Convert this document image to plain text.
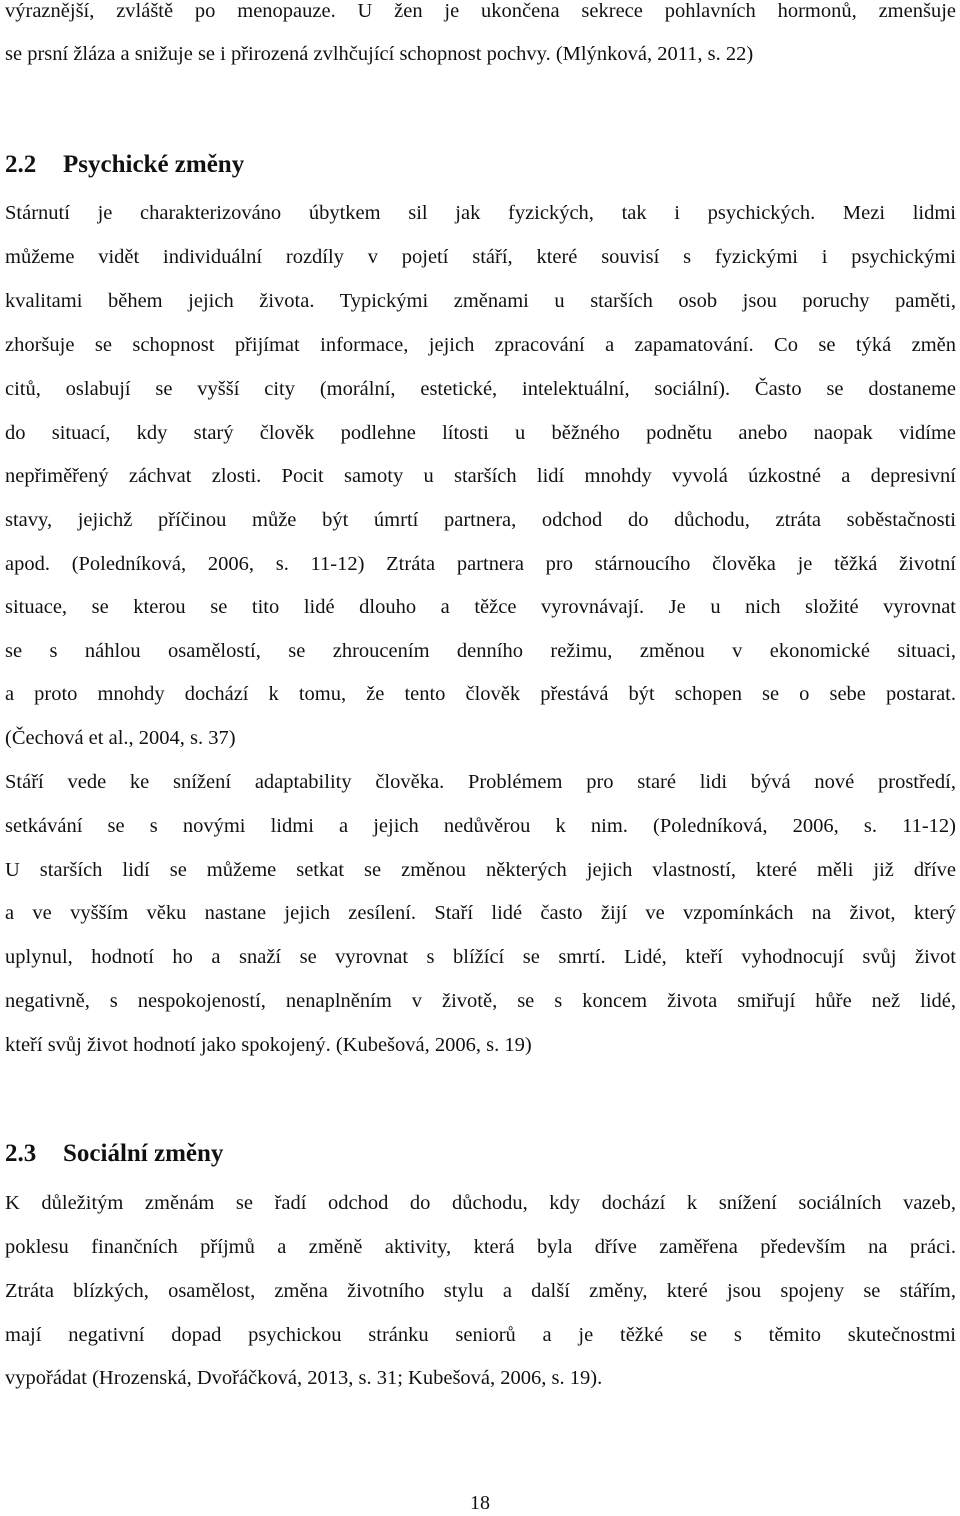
výraznější, zvláště po menopauze. U žen je ukončena sekrece pohlavních hormonů, zmenšuje
se prsní žláza a snižuje se i přirozená zvlhčující schopnost pochvy. (Mlýnková, 2011, s. 22)
2.2 Psychické změny
Stárnutí je charakterizováno úbytkem sil jak fyzických, tak i psychických. Mezi lidmi
můžeme vidět individuální rozdíly v pojetí stáří, které souvisí s fyzickými i psychickými
kvalitami během jejich života. Typickými změnami u starších osob jsou poruchy paměti,
zhoršuje se schopnost přijímat informace, jejich zpracování a zapamatování. Co se týká změn
citů, oslabují se vyšší city (morální, estetické, intelektuální, sociální). Často se dostaneme
do situací, kdy starý člověk podlehne lítosti u běžného podnětu anebo naopak vidíme
nepřiměřený záchvat zlosti. Pocit samoty u starších lidí mnohdy vyvolá úzkostné a depresivní
stavy, jejichž příčinou může být úmrtí partnera, odchod do důchodu, ztráta soběstačnosti
apod. (Poledníková, 2006, s. 11-12) Ztráta partnera pro stárnoucího člověka je těžká životní
situace, se kterou se tito lidé dlouho a těžce vyrovnávají. Je u nich složité vyrovnat
se s náhlou osamělostí, se zhroucením denního režimu, změnou v ekonomické situaci,
a proto mnohdy dochází k tomu, že tento člověk přestává být schopen se o sebe postarat.
(Čechová et al., 2004, s. 37)
Stáří vede ke snížení adaptability člověka. Problémem pro staré lidi bývá nové prostředí,
setkávání se s novými lidmi a jejich nedůvěrou k nim. (Poledníková, 2006, s. 11-12)
U starších lidí se můžeme setkat se změnou některých jejich vlastností, které měli již dříve
a ve vyšším věku nastane jejich zesílení. Staří lidé často žijí ve vzpomínkách na život, který
uplynul, hodnotí ho a snaží se vyrovnat s blížící se smrtí. Lidé, kteří vyhodnocují svůj život
negativně, s nespokojeností, nenaplněním v životě, se s koncem života smiřují hůře než lidé,
kteří svůj život hodnotí jako spokojený. (Kubešová, 2006, s. 19)
2.3 Sociální změny
K důležitým změnám se řadí odchod do důchodu, kdy dochází k snížení sociálních vazeb,
poklesu finančních příjmů a změně aktivity, která byla dříve zaměřena především na práci.
Ztráta blízkých, osamělost, změna životního stylu a další změny, které jsou spojeny se stářím,
mají negativní dopad psychickou stránku seniorů a je těžké se s těmito skutečnostmi
vypořádat (Hrozenská, Dvořáčková, 2013, s. 31; Kubešová, 2006, s. 19).
18
